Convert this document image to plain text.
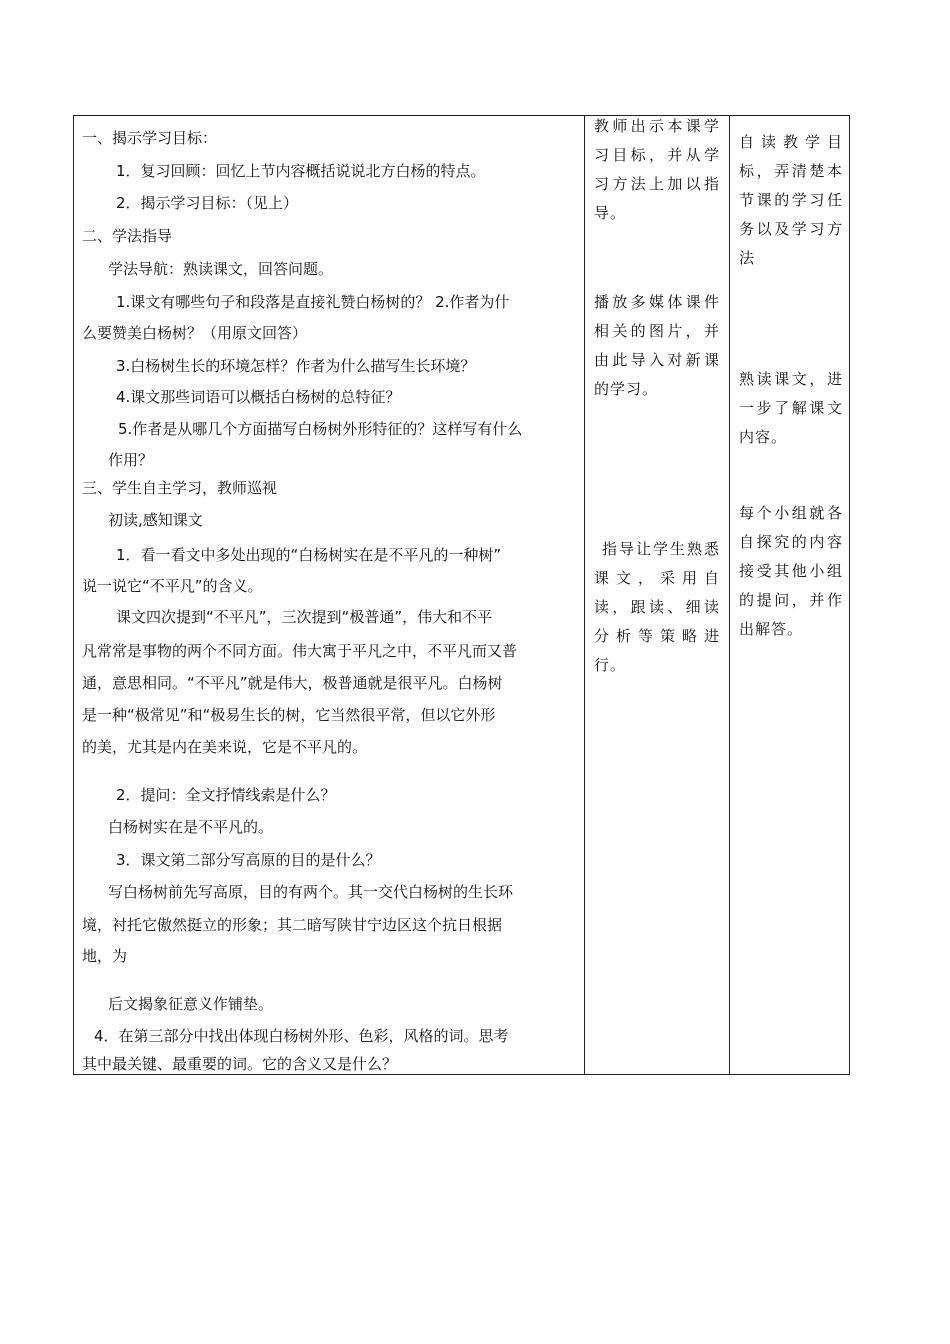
一、揭示学习目标：
1．复习回顾：回忆上节内容概括说说北方白杨的特点。
2．揭示学习目标：（见上）
二、学法指导
学法导航：熟读课文，回答问题。
1.课文有哪些句子和段落是直接礼赞白杨树的？ 2.作者为什
么要赞美白杨树？（用原文回答）
3.白杨树生长的环境怎样？作者为什么描写生长环境？
4.课文那些词语可以概括白杨树的总特征？
5.作者是从哪几个方面描写白杨树外形特征的？这样写有什么
作用？
三、学生自主学习，教师巡视
初读,感知课文
1．看一看文中多处出现的“白杨树实在是不平凡的一种树”
说一说它“不平凡”的含义。
课文四次提到“不平凡”，三次提到“极普通”，伟大和不平
凡常常是事物的两个不同方面。伟大寓于平凡之中，不平凡而又普
通，意思相同。“不平凡”就是伟大，极普通就是很平凡。白杨树
是一种“极常见”和“极易生长的树，它当然很平常，但以它外形
的美，尤其是内在美来说，它是不平凡的。
2．提问：全文抒情线索是什么？
白杨树实在是不平凡的。
3．课文第二部分写高原的目的是什么？
写白杨树前先写高原，目的有两个。其一交代白杨树的生长环
境，衬托它傲然挺立的形象；其二暗写陕甘宁边区这个抗日根据
地，为
后文揭象征意义作铺垫。
4．在第三部分中找出体现白杨树外形、色彩，风格的词。思考
其中最关键、最重要的词。它的含义又是什么？
教师出示本课学习目标，并从学习方法上加以指导。
播放多媒体课件相关的图片，并由此导入对新课的学习。
指导让学生熟悉课文，采用自读，跟读、细读分析等策略进行。
自读教学目标，弄清楚本节课的学习任务以及学习方法
熟读课文，进一步了解课文内容。
每个小组就各自探究的内容接受其他小组的提问，并作出解答。
